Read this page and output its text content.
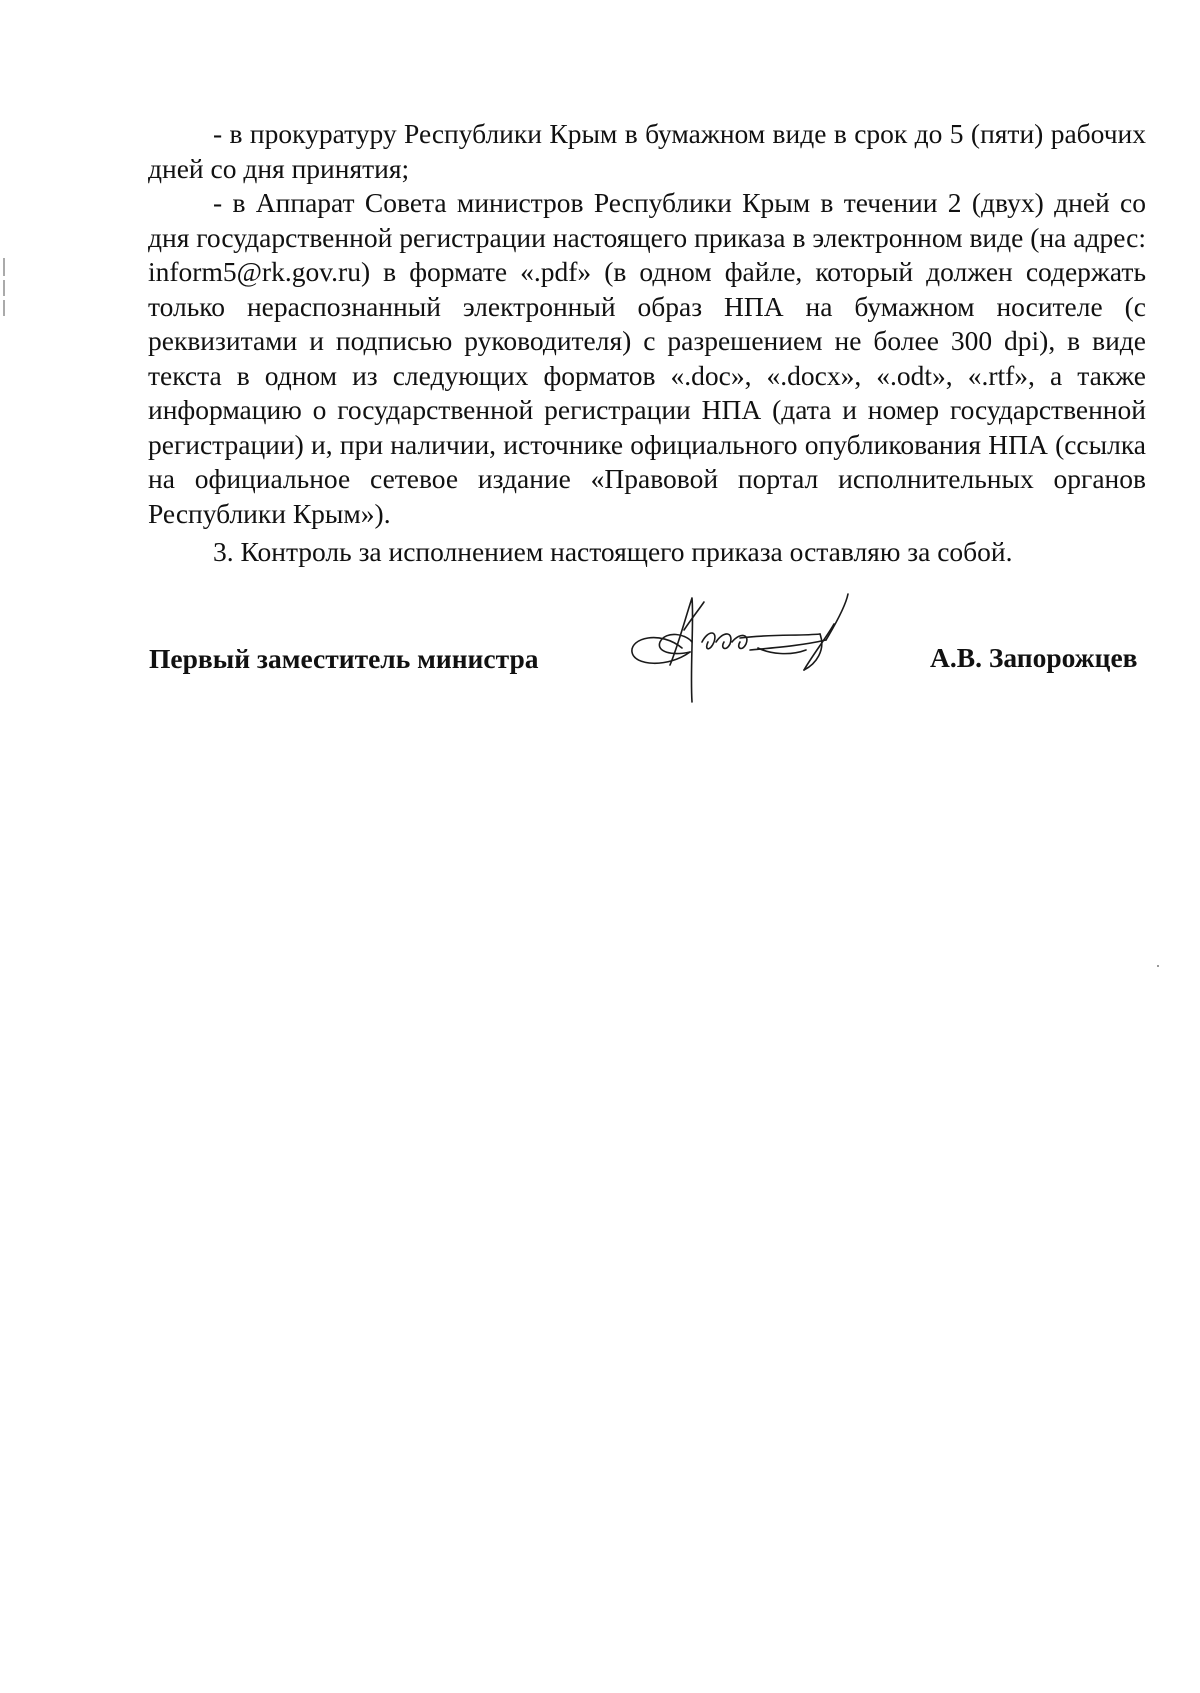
- в прокуратуру Республики Крым в бумажном виде в срок до 5 (пяти) рабочих дней со дня принятия;

- в Аппарат Совета министров Республики Крым в течении 2 (двух) дней со дня государственной регистрации настоящего приказа в электронном виде (на адрес: inform5@rk.gov.ru) в формате «.pdf» (в одном файле, который должен содержать только нераспознанный электронный образ НПА на бумажном носителе (с реквизитами и подписью руководителя) с разрешением не более 300 dpi), в виде текста в одном из следующих форматов «.doc», «.docx», «.odt», «.rtf», а также информацию о государственной регистрации НПА (дата и номер государственной регистрации) и, при наличии, источнике официального опубликования НПА (ссылка на официальное сетевое издание «Правовой портал исполнительных органов Республики Крым»).

3. Контроль за исполнением настоящего приказа оставляю за собой.

Первый заместитель министра	А.В. Запорожцев
